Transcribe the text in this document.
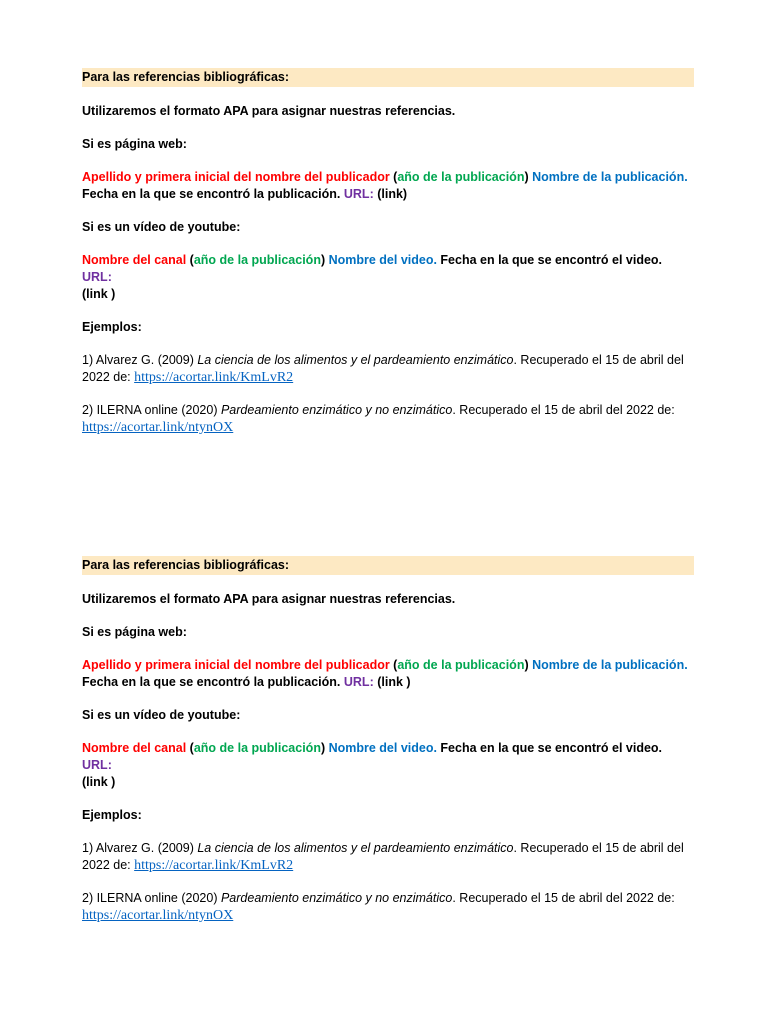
Para las referencias bibliográficas:

Utilizaremos el formato APA para asignar nuestras referencias.

Si es página web:

Apellido y primera inicial del nombre del publicador (año de la publicación) Nombre de la publicación.
Fecha en la que se encontró la publicación. URL: (link)

Si es un vídeo de youtube:

Nombre del canal (año de la publicación) Nombre del video. Fecha en la que se encontró el video. URL:
(link )

Ejemplos:

1) Alvarez G. (2009) La ciencia de los alimentos y el pardeamiento enzimático. Recuperado el 15 de abril del 2022 de: https://acortar.link/KmLvR2

2) ILERNA online (2020) Pardeamiento enzimático y no enzimático. Recuperado el 15 de abril del 2022 de:
https://acortar.link/ntynOX

Para las referencias bibliográficas:

Utilizaremos el formato APA para asignar nuestras referencias.

Si es página web:

Apellido y primera inicial del nombre del publicador (año de la publicación) Nombre de la publicación.
Fecha en la que se encontró la publicación. URL: (link )

Si es un vídeo de youtube:

Nombre del canal (año de la publicación) Nombre del video. Fecha en la que se encontró el video. URL:
(link )

Ejemplos:

1) Alvarez G. (2009) La ciencia de los alimentos y el pardeamiento enzimático. Recuperado el 15 de abril del 2022 de: https://acortar.link/KmLvR2

2) ILERNA online (2020) Pardeamiento enzimático y no enzimático. Recuperado el 15 de abril del 2022 de:
https://acortar.link/ntynOX
